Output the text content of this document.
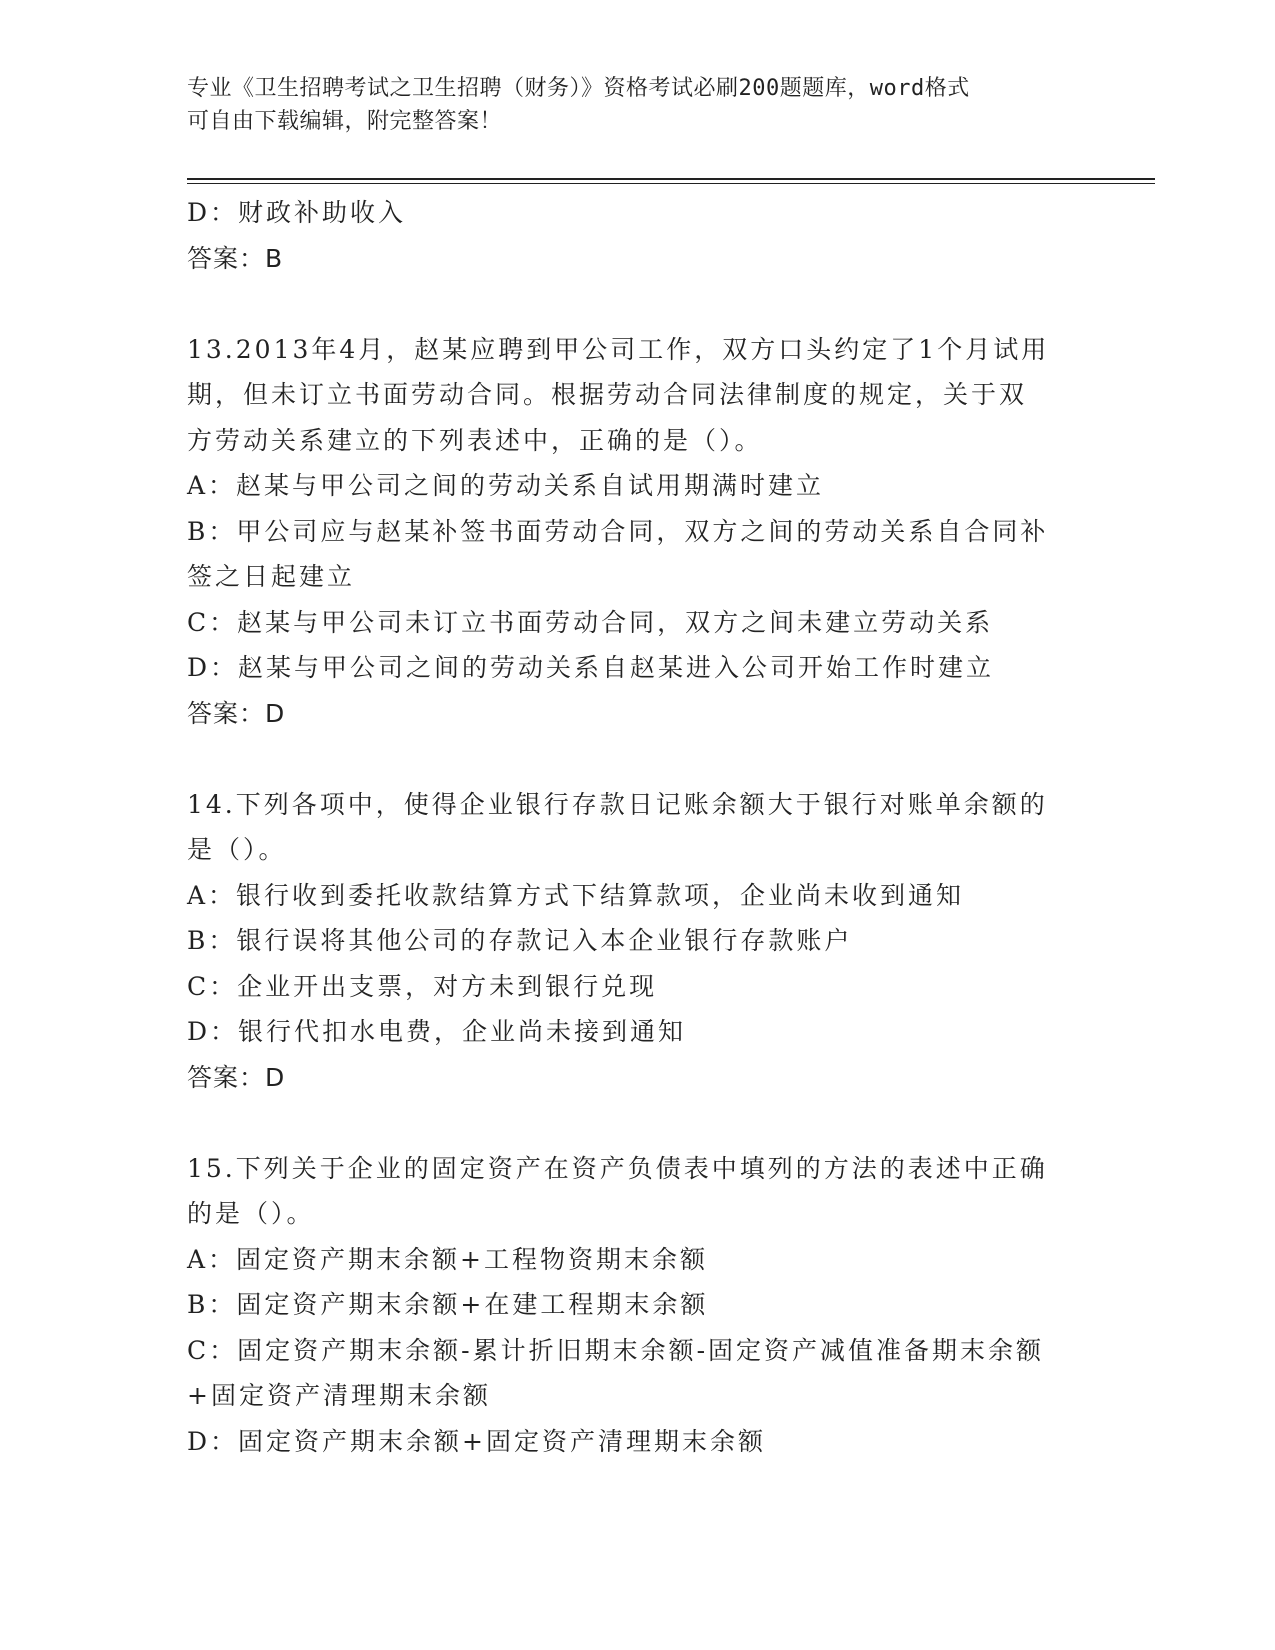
专业《卫生招聘考试之卫生招聘（财务）》资格考试必刷200题题库，word格式
可自由下载编辑，附完整答案！

D：财政补助收入

答案：B

13.2013年4月，赵某应聘到甲公司工作，双方口头约定了1个月试用

期，但未订立书面劳动合同。根据劳动合同法律制度的规定，关于双

方劳动关系建立的下列表述中，正确的是（）。

A：赵某与甲公司之间的劳动关系自试用期满时建立

B：甲公司应与赵某补签书面劳动合同，双方之间的劳动关系自合同补

签之日起建立

C：赵某与甲公司未订立书面劳动合同，双方之间未建立劳动关系

D：赵某与甲公司之间的劳动关系自赵某进入公司开始工作时建立

答案：D

14.下列各项中，使得企业银行存款日记账余额大于银行对账单余额的

是（）。

A：银行收到委托收款结算方式下结算款项，企业尚未收到通知

B：银行误将其他公司的存款记入本企业银行存款账户

C：企业开出支票，对方未到银行兑现

D：银行代扣水电费，企业尚未接到通知

答案：D

15.下列关于企业的固定资产在资产负债表中填列的方法的表述中正确

的是（）。

A：固定资产期末余额+工程物资期末余额

B：固定资产期末余额+在建工程期末余额

C：固定资产期末余额-累计折旧期末余额-固定资产减值准备期末余额

+固定资产清理期末余额

D：固定资产期末余额+固定资产清理期末余额
